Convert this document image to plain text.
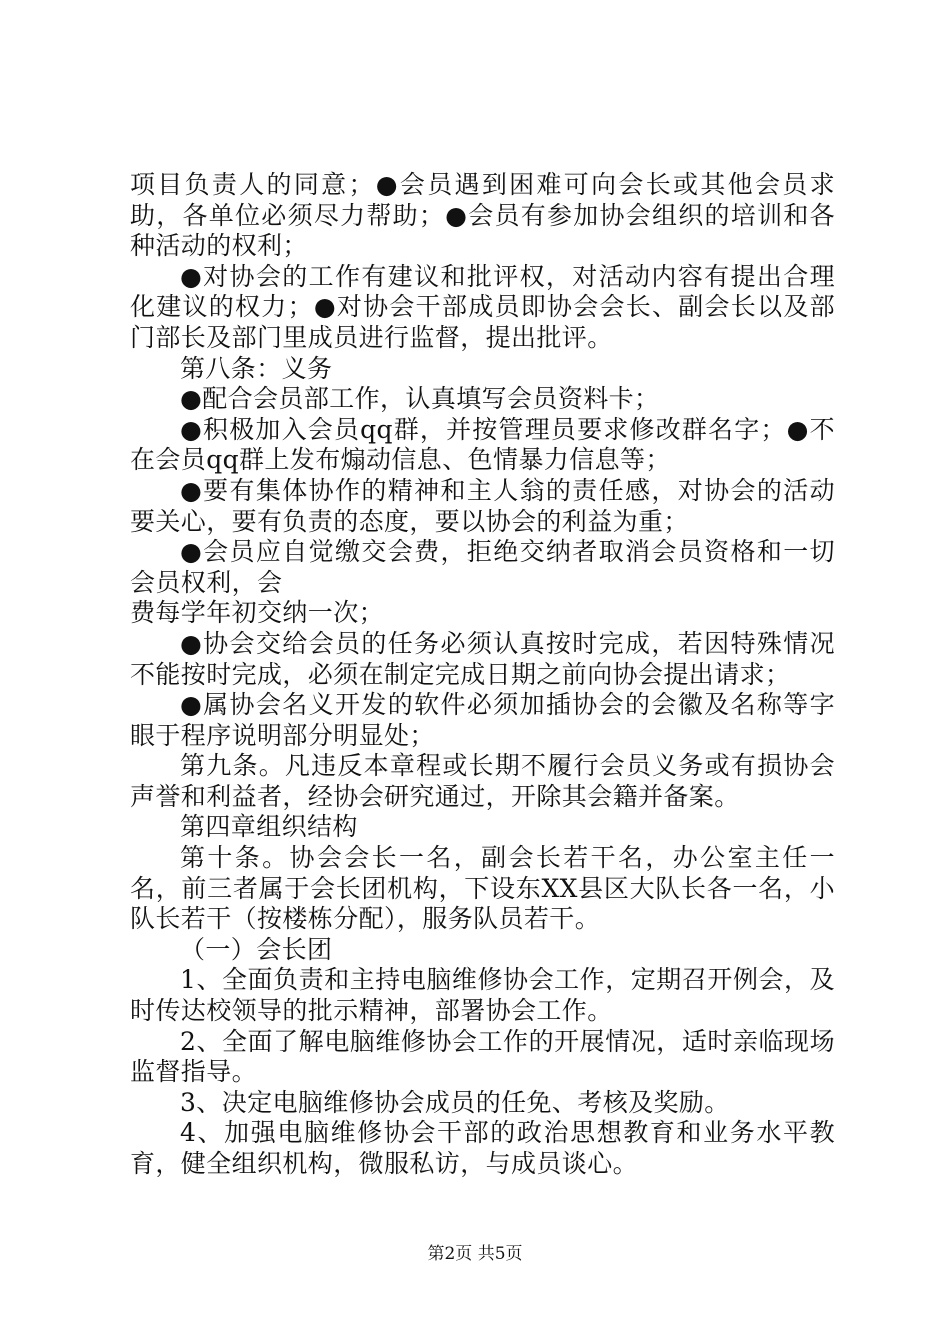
项目负责人的同意；●会员遇到困难可向会长或其他会员求助，各单位必须尽力帮助；●会员有参加协会组织的培训和各种活动的权利；

●对协会的工作有建议和批评权，对活动内容有提出合理化建议的权力；●对协会干部成员即协会会长、副会长以及部门部长及部门里成员进行监督，提出批评。

第八条：义务

●配合会员部工作，认真填写会员资料卡；

●积极加入会员qq群，并按管理员要求修改群名字；●不在会员qq群上发布煽动信息、色情暴力信息等；

●要有集体协作的精神和主人翁的责任感，对协会的活动要关心，要有负责的态度，要以协会的利益为重；

●会员应自觉缴交会费，拒绝交纳者取消会员资格和一切会员权利，会

费每学年初交纳一次；

●协会交给会员的任务必须认真按时完成，若因特殊情况不能按时完成，必须在制定完成日期之前向协会提出请求；

●属协会名义开发的软件必须加插协会的会徽及名称等字眼于程序说明部分明显处；

第九条。凡违反本章程或长期不履行会员义务或有损协会声誉和利益者，经协会研究通过，开除其会籍并备案。

第四章组织结构

第十条。协会会长一名，副会长若干名，办公室主任一名，前三者属于会长团机构，下设东XX县区大队长各一名，小队长若干（按楼栋分配），服务队员若干。

（一）会长团

1、全面负责和主持电脑维修协会工作，定期召开例会，及时传达校领导的批示精神，部署协会工作。

2、全面了解电脑维修协会工作的开展情况，适时亲临现场监督指导。

3、决定电脑维修协会成员的任免、考核及奖励。

4、加强电脑维修协会干部的政治思想教育和业务水平教育，健全组织机构，微服私访，与成员谈心。

第2页 共5页
